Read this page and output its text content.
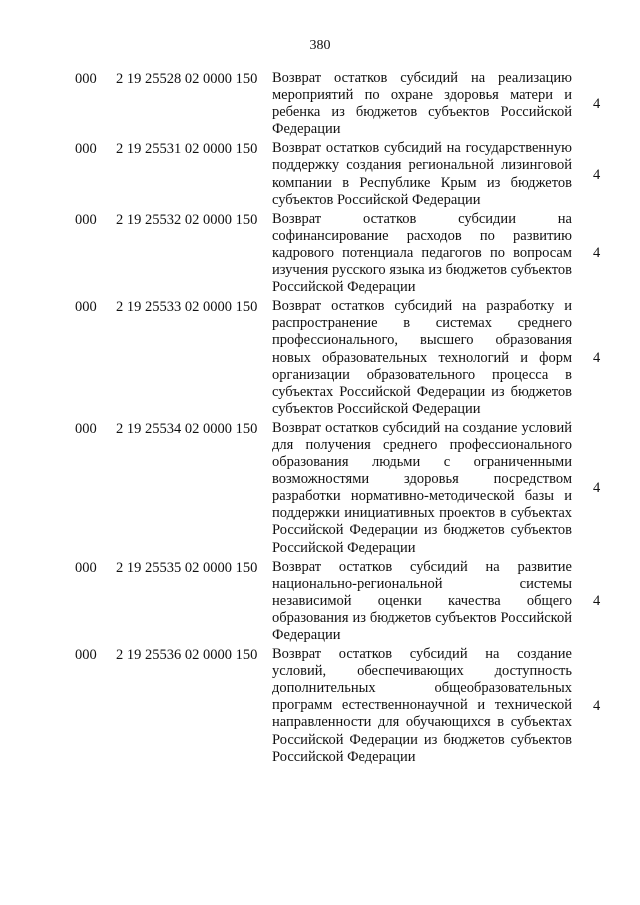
380
000 2 19 25528 02 0000 150 Возврат остатков субсидий на реализацию мероприятий по охране здоровья матери и ребенка из бюджетов субъектов Российской Федерации
4
000 2 19 25531 02 0000 150 Возврат остатков субсидий на государственную поддержку создания региональной лизинговой компании в Республике Крым из бюджетов субъектов Российской Федерации
4
000 2 19 25532 02 0000 150 Возврат остатков субсидии на софинансирование расходов по развитию кадрового потенциала педагогов по вопросам изучения русского языка из бюджетов субъектов Российской Федерации
4
000 2 19 25533 02 0000 150 Возврат остатков субсидий на разработку и распространение в системах среднего профессионального, высшего образования новых образовательных технологий и форм организации образовательного процесса в субъектах Российской Федерации из бюджетов субъектов Российской Федерации
4
000 2 19 25534 02 0000 150 Возврат остатков субсидий на создание условий для получения среднего профессионального образования людьми с ограниченными возможностями здоровья посредством разработки нормативно-методической базы и поддержки инициативных проектов в субъектах Российской Федерации из бюджетов субъектов Российской Федерации
4
000 2 19 25535 02 0000 150 Возврат остатков субсидий на развитие национально-региональной системы независимой оценки качества общего образования из бюджетов субъектов Российской Федерации
4
000 2 19 25536 02 0000 150 Возврат остатков субсидий на создание условий, обеспечивающих доступность дополнительных общеобразовательных программ естественнонаучной и технической направленности для обучающихся в субъектах Российской Федерации из бюджетов субъектов Российской Федерации
4
